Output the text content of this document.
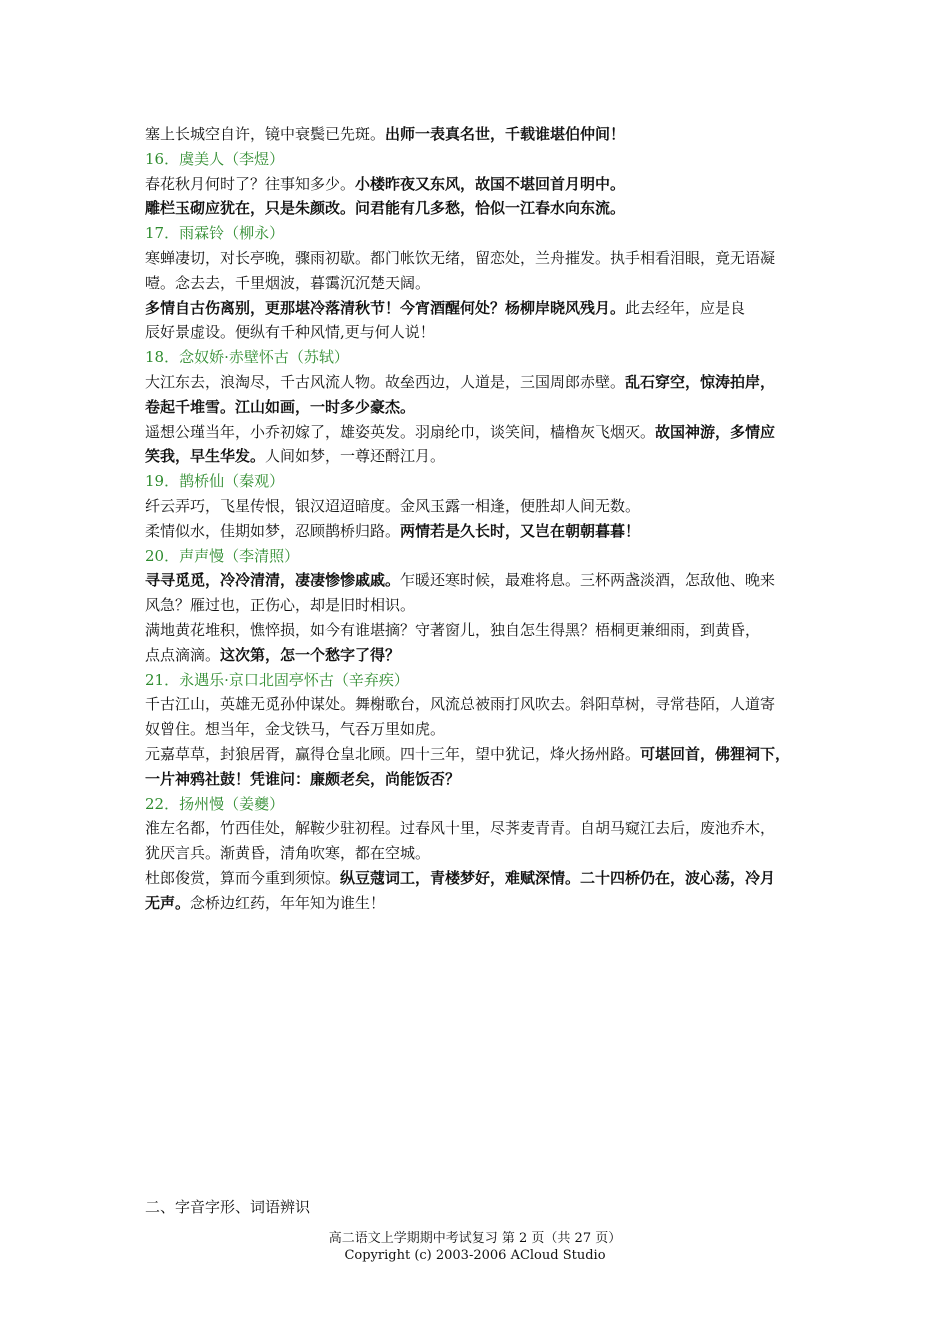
塞上长城空自许，镜中衰鬓已先斑。出师一表真名世，千载谁堪伯仲间！
16．虞美人（李煜）
春花秋月何时了？往事知多少。小楼昨夜又东风，故国不堪回首月明中。
雕栏玉砌应犹在，只是朱颜改。问君能有几多愁，恰似一江春水向东流。
17．雨霖铃（柳永）
寒蝉凄切，对长亭晚，骤雨初歇。都门帐饮无绪，留恋处，兰舟摧发。执手相看泪眼，竟无语凝
噎。念去去，千里烟波，暮霭沉沉楚天阔。
多情自古伤离别，更那堪冷落清秋节！今宵酒醒何处？杨柳岸晓风残月。此去经年，应是良
辰好景虚设。便纵有千种风情,更与何人说！
18．念奴娇·赤壁怀古（苏轼）
大江东去，浪淘尽，千古风流人物。故垒西边，人道是，三国周郎赤壁。乱石穿空，惊涛拍岸，
卷起千堆雪。江山如画，一时多少豪杰。
遥想公瑾当年，小乔初嫁了，雄姿英发。羽扇纶巾，谈笑间，樯橹灰飞烟灭。故国神游，多情应
笑我，早生华发。人间如梦，一尊还酹江月。
19．鹊桥仙（秦观）
纤云弄巧，飞星传恨，银汉迢迢暗度。金风玉露一相逢，便胜却人间无数。
柔情似水，佳期如梦，忍顾鹊桥归路。两情若是久长时，又岂在朝朝暮暮！
20．声声慢（李清照）
寻寻觅觅，冷冷清清，凄凄惨惨戚戚。乍暖还寒时候，最难将息。三杯两盏淡酒，怎敌他、晚来
风急？雁过也，正伤心，却是旧时相识。
满地黄花堆积，憔悴损，如今有谁堪摘？守著窗儿，独自怎生得黑？梧桐更兼细雨，到黄昏，
点点滴滴。这次第，怎一个愁字了得？
21．永遇乐·京口北固亭怀古（辛弃疾）
千古江山，英雄无觅孙仲谋处。舞榭歌台，风流总被雨打风吹去。斜阳草树，寻常巷陌，人道寄
奴曾住。想当年，金戈铁马，气吞万里如虎。
元嘉草草，封狼居胥，赢得仓皇北顾。四十三年，望中犹记，烽火扬州路。可堪回首，佛狸祠下，
一片神鸦社鼓！凭谁问：廉颇老矣，尚能饭否？
22．扬州慢（姜夔）
淮左名都，竹西佳处，解鞍少驻初程。过春风十里，尽荠麦青青。自胡马窥江去后，废池乔木，
犹厌言兵。渐黄昏，清角吹寒，都在空城。
杜郎俊赏，算而今重到须惊。纵豆蔻词工，青楼梦好，难赋深情。二十四桥仍在，波心荡，冷月
无声。念桥边红药，年年知为谁生！
二、字音字形、词语辨识
高二语文上学期期中考试复习 第 2 页（共 27 页）
Copyright (c) 2003-2006 ACloud Studio
